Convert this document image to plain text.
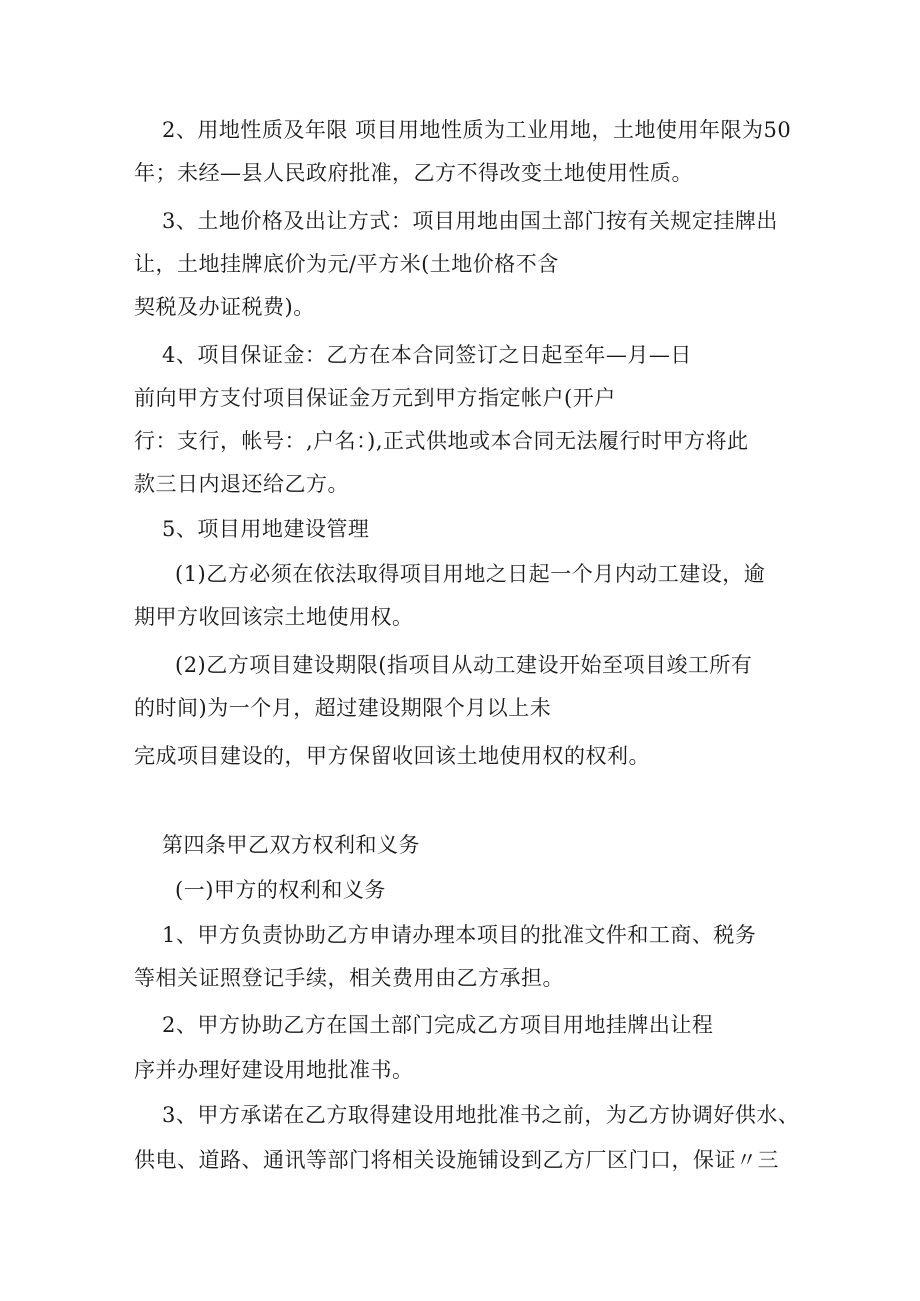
2、用地性质及年限 项目用地性质为工业用地，土地使用年限为50
年；未经—县人民政府批准，乙方不得改变土地使用性质。
3、土地价格及出让方式：项目用地由国土部门按有关规定挂牌出
让，土地挂牌底价为元/平方米(土地价格不含
契税及办证税费)。
4、项目保证金：乙方在本合同签订之日起至年—月—日
前向甲方支付项目保证金万元到甲方指定帐户(开户
行：支行，帐号：,户名：),正式供地或本合同无法履行时甲方将此
款三日内退还给乙方。
5、项目用地建设管理
(1)乙方必须在依法取得项目用地之日起一个月内动工建设，逾
期甲方收回该宗土地使用权。
(2)乙方项目建设期限(指项目从动工建设开始至项目竣工所有
的时间)为一个月，超过建设期限个月以上未
完成项目建设的，甲方保留收回该土地使用权的权利。
第四条甲乙双方权利和义务
(一)甲方的权利和义务
1、甲方负责协助乙方申请办理本项目的批准文件和工商、税务
等相关证照登记手续，相关费用由乙方承担。
2、甲方协助乙方在国土部门完成乙方项目用地挂牌出让程
序并办理好建设用地批准书。
3、甲方承诺在乙方取得建设用地批准书之前，为乙方协调好供水、
供电、道路、通讯等部门将相关设施铺设到乙方厂区门口，保证〃三
